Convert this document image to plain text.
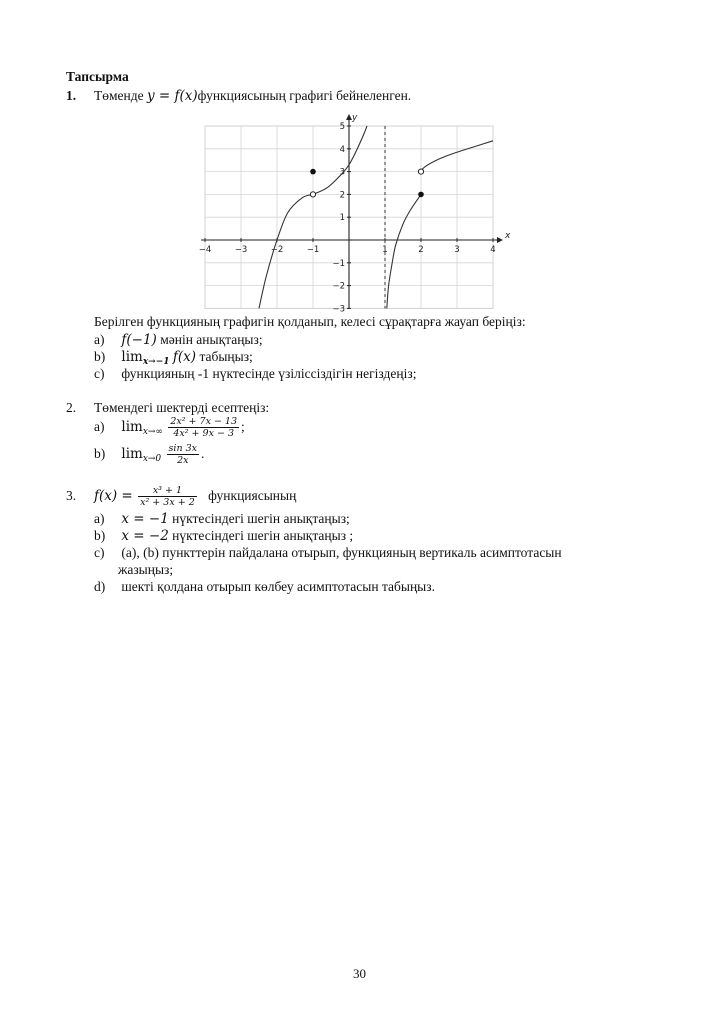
Тапсырма
1. Төменде y = f(x)функциясының графигі бейнеленген.
x
y
−4	−3	−2	−1	1	2	3	4
−3
−2
−1
1
2
3
4
5
Берілген функцияның графигін қолданып, келесі сұрақтарға жауап беріңіз:
a) f(−1) мәнін анықтаңыз;
b) $\lim_{x\to-1} f(x)$ табыңыз;
c) функцияның -1 нүктесінде үзіліссіздігін негіздеңіз;
2. Төмендегі шектерді есептеңіз:
a) $\lim_{x\to\infty} \frac{\text{2x² + 7x − 13}}{\text{4x² + 9x − 3}}$ ;
b) $\lim_{x\to 0} \frac{\sin 3x}{2x}$ .
3. $f(x) = \frac{\text{x³ + 1}}{\text{x² + 3x + 2}}$ функциясының
a) x = −1 нүктесіндегі шегін анықтаңыз;
b) x = −2 нүктесіндегі шегін анықтаңыз ;
c) (a), (b) пункттерін пайдалана отырып, функцияның вертикаль асимптотасын
жазыңыз;
d) шекті қолдана отырып көлбеу асимптотасын табыңыз.
30
